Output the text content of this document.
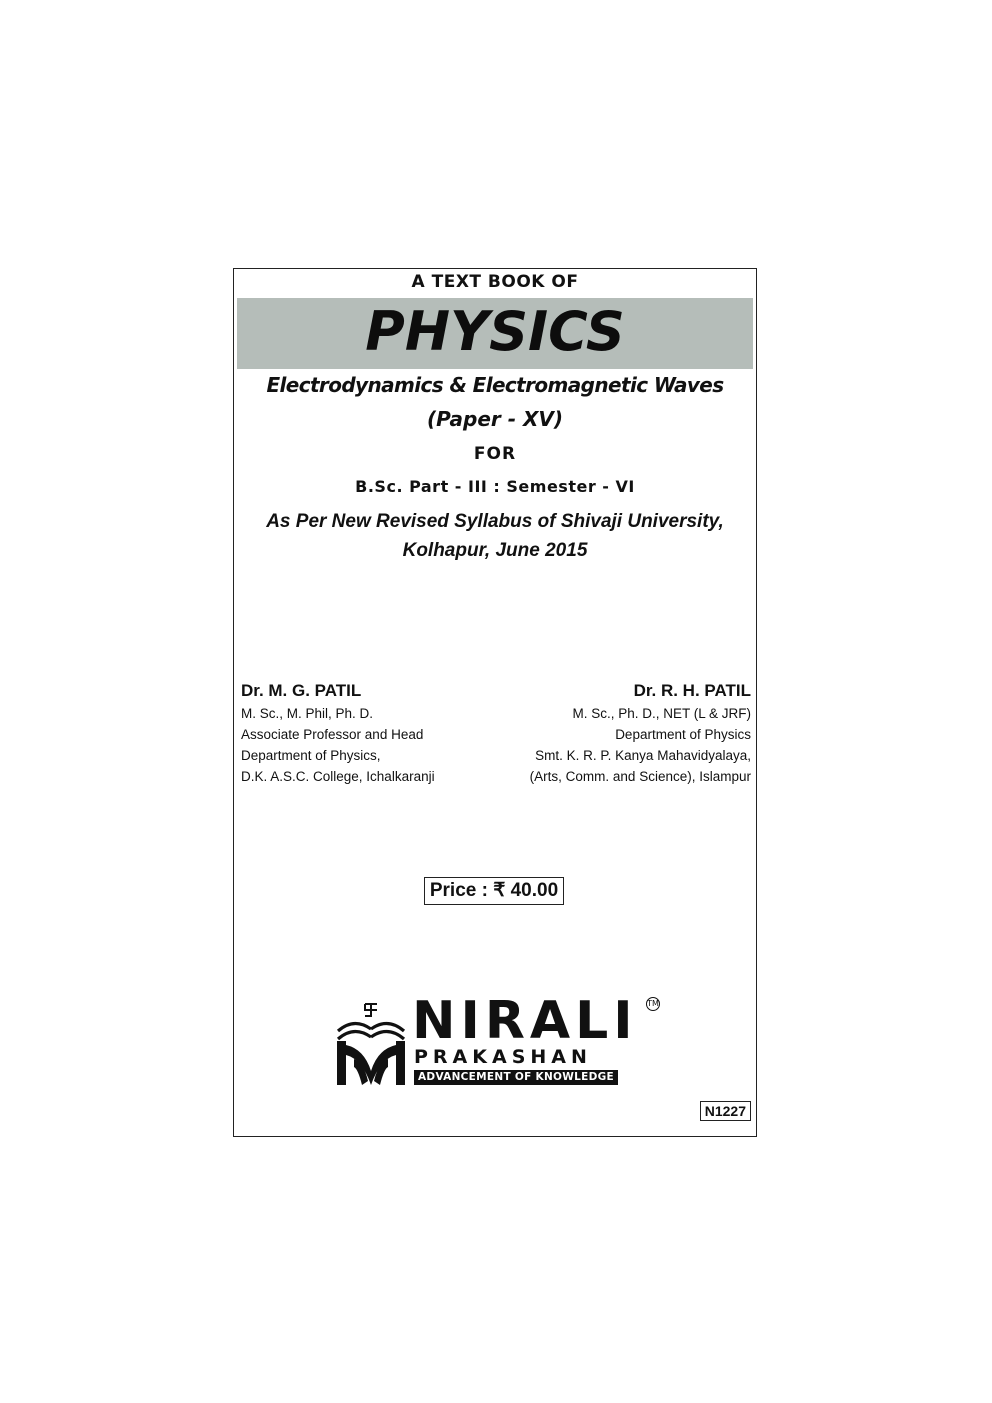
A TEXT BOOK OF
PHYSICS
Electrodynamics & Electromagnetic Waves
(Paper - XV)
FOR
B.Sc. Part - III : Semester - VI
As Per New Revised Syllabus of Shivaji University,
Kolhapur, June 2015
Dr. M. G. PATIL
M. Sc., M. Phil, Ph. D.
Associate Professor and Head
Department of Physics,
D.K. A.S.C. College, Ichalkaranji
Dr. R. H. PATIL
M. Sc., Ph. D., NET (L & JRF)
Department of Physics
Smt. K. R. P. Kanya Mahavidyalaya,
(Arts, Comm. and Science), Islampur
Price : ₹ 40.00
NIRALI TM
PRAKASHAN
ADVANCEMENT OF KNOWLEDGE
N1227
